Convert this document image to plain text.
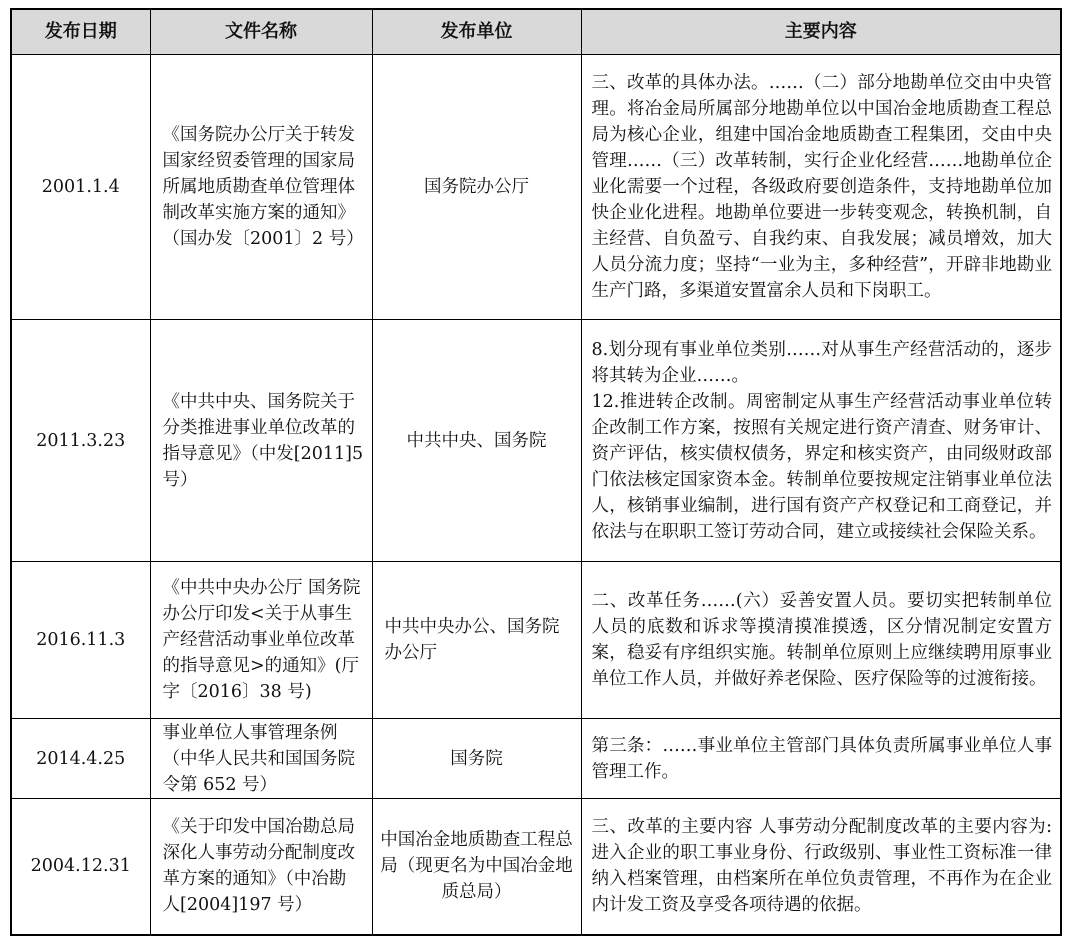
发布日期	文件名称	发布单位	主要内容
2001.1.4	《国务院办公厅关于转发国家经贸委管理的国家局所属地质勘查单位管理体制改革实施方案的通知》（国办发〔2001〕2 号）	国务院办公厅	三、改革的具体办法。……（二）部分地勘单位交由中央管理。将冶金局所属部分地勘单位以中国冶金地质勘查工程总局为核心企业，组建中国冶金地质勘查工程集团，交由中央管理……（三）改革转制，实行企业化经营……地勘单位企业化需要一个过程，各级政府要创造条件，支持地勘单位加快企业化进程。地勘单位要进一步转变观念，转换机制，自主经营、自负盈亏、自我约束、自我发展；减员增效，加大人员分流力度；坚持“一业为主，多种经营”，开辟非地勘业生产门路，多渠道安置富余人员和下岗职工。

2011.3.23	《中共中央、国务院关于分类推进事业单位改革的指导意见》（中发[2011]5 号）	中共中央、国务院	8.划分现有事业单位类别……对从事生产经营活动的，逐步将其转为企业……。
12.推进转企改制。周密制定从事生产经营活动事业单位转企改制工作方案，按照有关规定进行资产清查、财务审计、资产评估，核实债权债务，界定和核实资产，由同级财政部门依法核定国家资本金。转制单位要按规定注销事业单位法人，核销事业编制，进行国有资产产权登记和工商登记，并依法与在职职工签订劳动合同，建立或接续社会保险关系。

2016.11.3	《中共中央办公厅 国务院办公厅印发<关于从事生产经营活动事业单位改革的指导意见>的通知》(厅字〔2016〕38 号)	中共中央办公、国务院办公厅	二、改革任务……(六）妥善安置人员。要切实把转制单位人员的底数和诉求等摸清摸准摸透，区分情况制定安置方案，稳妥有序组织实施。转制单位原则上应继续聘用原事业单位工作人员，并做好养老保险、医疗保险等的过渡衔接。

2014.4.25	事业单位人事管理条例（中华人民共和国国务院令第 652 号）	国务院	第三条：……事业单位主管部门具体负责所属事业单位人事管理工作。

2004.12.31	《关于印发中国冶勘总局深化人事劳动分配制度改革方案的通知》（中冶勘人[2004]197 号）	中国冶金地质勘查工程总局（现更名为中国冶金地质总局）	三、改革的主要内容 人事劳动分配制度改革的主要内容为:进入企业的职工事业身份、行政级别、事业性工资标准一律纳入档案管理，由档案所在单位负责管理，不再作为在企业内计发工资及享受各项待遇的依据。
